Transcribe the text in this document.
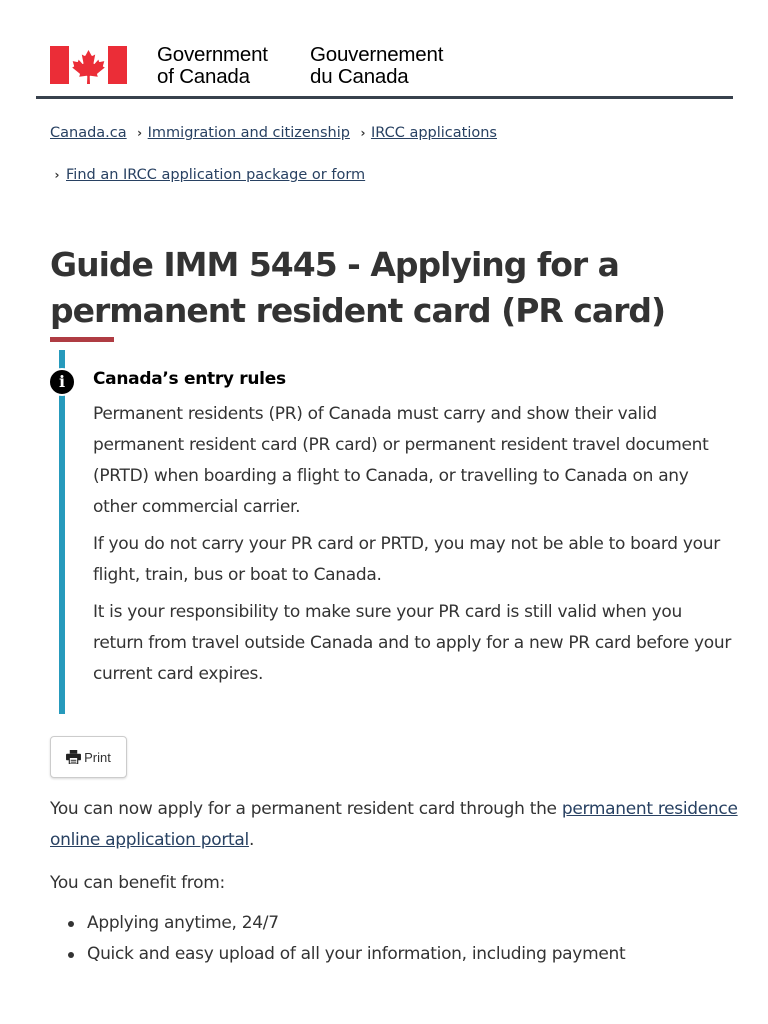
Government
of Canada
Gouvernement
du Canada
Canada.ca › Immigration and citizenship › IRCC applications
› Find an IRCC application package or form
Guide IMM 5445 - Applying for a permanent resident card (PR card)
i	Canada’s entry rules

Permanent residents (PR) of Canada must carry and show their valid permanent resident card (PR card) or permanent resident travel document (PRTD) when boarding a flight to Canada, or travelling to Canada on any other commercial carrier.

If you do not carry your PR card or PRTD, you may not be able to board your flight, train, bus or boat to Canada.

It is your responsibility to make sure your PR card is still valid when you return from travel outside Canada and to apply for a new PR card before your current card expires.

Print

You can now apply for a permanent resident card through the permanent residence online application portal.

You can benefit from:

Applying anytime, 24/7
Quick and easy upload of all your information, including payment
